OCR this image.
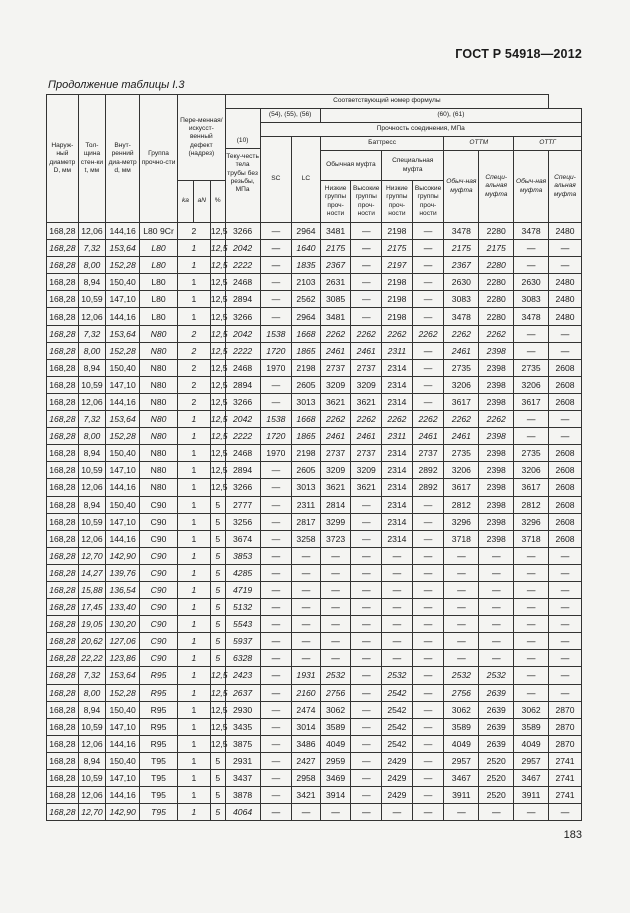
ГОСТ Р 54918—2012
Продолжение таблицы I.3
Наруж-ный диаметр D, мм	Тол-щина стен-ки t, мм	Внут-ренний диа-метр d, мм	Группа прочно-сти	Пере-менная/ искусст-венный дефект (надрез)			Соответствующий номер формулы										

							(10)
Теку-честь тела трубы без резьбы, МПа	(54), (55), (56)		(60), (61)							
								Прочность соединения, МПа									
								SC	LC	Баттресс				ОТТМ		ОТТГ	
										Обычная муфта		Специальная муфта		Обыч-ная муфта	Специ-альная муфта	Обыч-ная муфта	Специ-альная муфта
				kа	aN	%				Низкие группы проч-ности	Высокие группы проч-ности	Низкие группы проч-ности	Высокие группы проч-ности				
168,28	12,06	144,16	L80 9Cr	2		12,5	3266	—	2964	3481	—	2198	—	3478	2280	3478	2480
168,28	7,32	153,64	L80	1		12,5	2042	—	1640	2175	—	2175	—	2175	2175	—	—
168,28	8,00	152,28	L80	1		12,5	2222	—	1835	2367	—	2197	—	2367	2280	—	—
168,28	8,94	150,40	L80	1		12,5	2468	—	2103	2631	—	2198	—	2630	2280	2630	2480
168,28	10,59	147,10	L80	1		12,5	2894	—	2562	3085	—	2198	—	3083	2280	3083	2480
168,28	12,06	144,16	L80	1		12,5	3266	—	2964	3481	—	2198	—	3478	2280	3478	2480
168,28	7,32	153,64	N80	2		12,5	2042	1538	1668	2262	2262	2262	2262	2262	2262	—	—
168,28	8,00	152,28	N80	2		12,5	2222	1720	1865	2461	2461	2311	—	2461	2398	—	—
168,28	8,94	150,40	N80	2		12,5	2468	1970	2198	2737	2737	2314	—	2735	2398	2735	2608
168,28	10,59	147,10	N80	2		12,5	2894	—	2605	3209	3209	2314	—	3206	2398	3206	2608
168,28	12,06	144,16	N80	2		12,5	3266	—	3013	3621	3621	2314	—	3617	2398	3617	2608
168,28	7,32	153,64	N80	1		12,5	2042	1538	1668	2262	2262	2262	2262	2262	2262	—	—
168,28	8,00	152,28	N80	1		12,5	2222	1720	1865	2461	2461	2311	2461	2461	2398	—	—
168,28	8,94	150,40	N80	1		12,5	2468	1970	2198	2737	2737	2314	2737	2735	2398	2735	2608
168,28	10,59	147,10	N80	1		12,5	2894	—	2605	3209	3209	2314	2892	3206	2398	3206	2608
168,28	12,06	144,16	N80	1		12,5	3266	—	3013	3621	3621	2314	2892	3617	2398	3617	2608
168,28	8,94	150,40	C90	1		5	2777	—	2311	2814	—	2314	—	2812	2398	2812	2608
168,28	10,59	147,10	C90	1		5	3256	—	2817	3299	—	2314	—	3296	2398	3296	2608
168,28	12,06	144,16	C90	1		5	3674	—	3258	3723	—	2314	—	3718	2398	3718	2608
168,28	12,70	142,90	C90	1		5	3853	—	—	—	—	—	—	—	—	—	—
168,28	14,27	139,76	C90	1		5	4285	—	—	—	—	—	—	—	—	—	—
168,28	15,88	136,54	C90	1		5	4719	—	—	—	—	—	—	—	—	—	—
168,28	17,45	133,40	C90	1		5	5132	—	—	—	—	—	—	—	—	—	—
168,28	19,05	130,20	C90	1		5	5543	—	—	—	—	—	—	—	—	—	—
168,28	20,62	127,06	C90	1		5	5937	—	—	—	—	—	—	—	—	—	—
168,28	22,22	123,86	C90	1		5	6328	—	—	—	—	—	—	—	—	—	—
168,28	7,32	153,64	R95	1		12,5	2423	—	1931	2532	—	2532	—	2532	2532	—	—
168,28	8,00	152,28	R95	1		12,5	2637	—	2160	2756	—	2542	—	2756	2639	—	—
168,28	8,94	150,40	R95	1		12,5	2930	—	2474	3062	—	2542	—	3062	2639	3062	2870
168,28	10,59	147,10	R95	1		12,5	3435	—	3014	3589	—	2542	—	3589	2639	3589	2870
168,28	12,06	144,16	R95	1		12,5	3875	—	3486	4049	—	2542	—	4049	2639	4049	2870
168,28	8,94	150,40	T95	1		5	2931	—	2427	2959	—	2429	—	2957	2520	2957	2741
168,28	10,59	147,10	T95	1		5	3437	—	2958	3469	—	2429	—	3467	2520	3467	2741
168,28	12,06	144,16	T95	1		5	3878	—	3421	3914	—	2429	—	3911	2520	3911	2741
168,28	12,70	142,90	T95	1		5	4064	—	—	—	—	—	—	—	—	—	—
183
